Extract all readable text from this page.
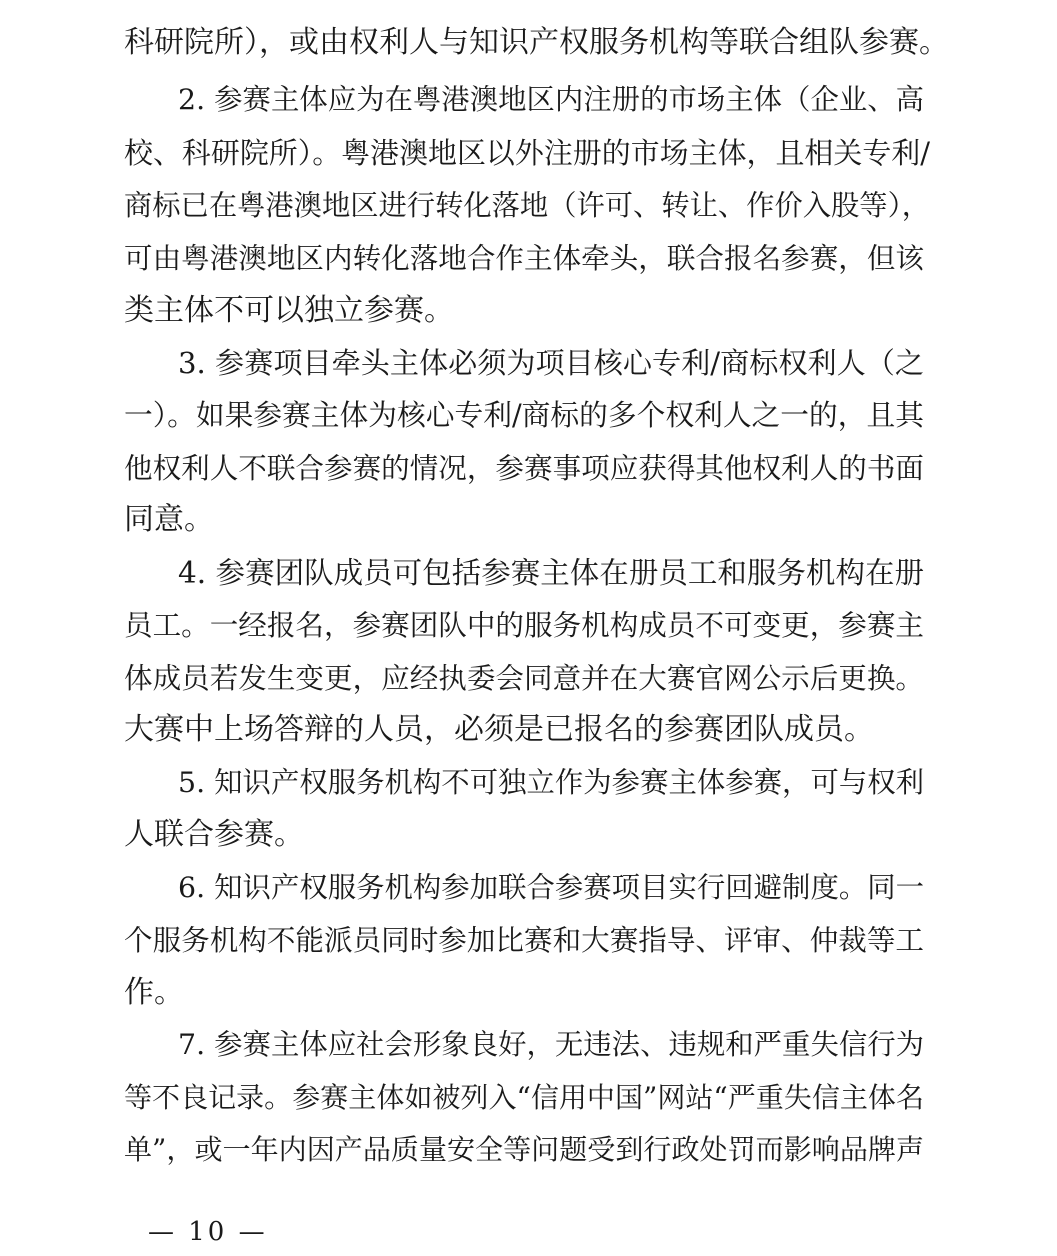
科研院所），或由权利人与知识产权服务机构等联合组队参赛。
2. 参赛主体应为在粤港澳地区内注册的市场主体（企业、高
校、科研院所）。粤港澳地区以外注册的市场主体，且相关专利/
商标已在粤港澳地区进行转化落地（许可、转让、作价入股等），
可由粤港澳地区内转化落地合作主体牵头，联合报名参赛，但该
类主体不可以独立参赛。
3. 参赛项目牵头主体必须为项目核心专利/商标权利人（之
一）。如果参赛主体为核心专利/商标的多个权利人之一的，且其
他权利人不联合参赛的情况，参赛事项应获得其他权利人的书面
同意。
4. 参赛团队成员可包括参赛主体在册员工和服务机构在册
员工。一经报名，参赛团队中的服务机构成员不可变更，参赛主
体成员若发生变更，应经执委会同意并在大赛官网公示后更换。
大赛中上场答辩的人员，必须是已报名的参赛团队成员。
5. 知识产权服务机构不可独立作为参赛主体参赛，可与权利
人联合参赛。
6. 知识产权服务机构参加联合参赛项目实行回避制度。同一
个服务机构不能派员同时参加比赛和大赛指导、评审、仲裁等工
作。
7. 参赛主体应社会形象良好，无违法、违规和严重失信行为
等不良记录。参赛主体如被列入“信用中国”网站“严重失信主体名
单”，或一年内因产品质量安全等问题受到行政处罚而影响品牌声
— 10 —
